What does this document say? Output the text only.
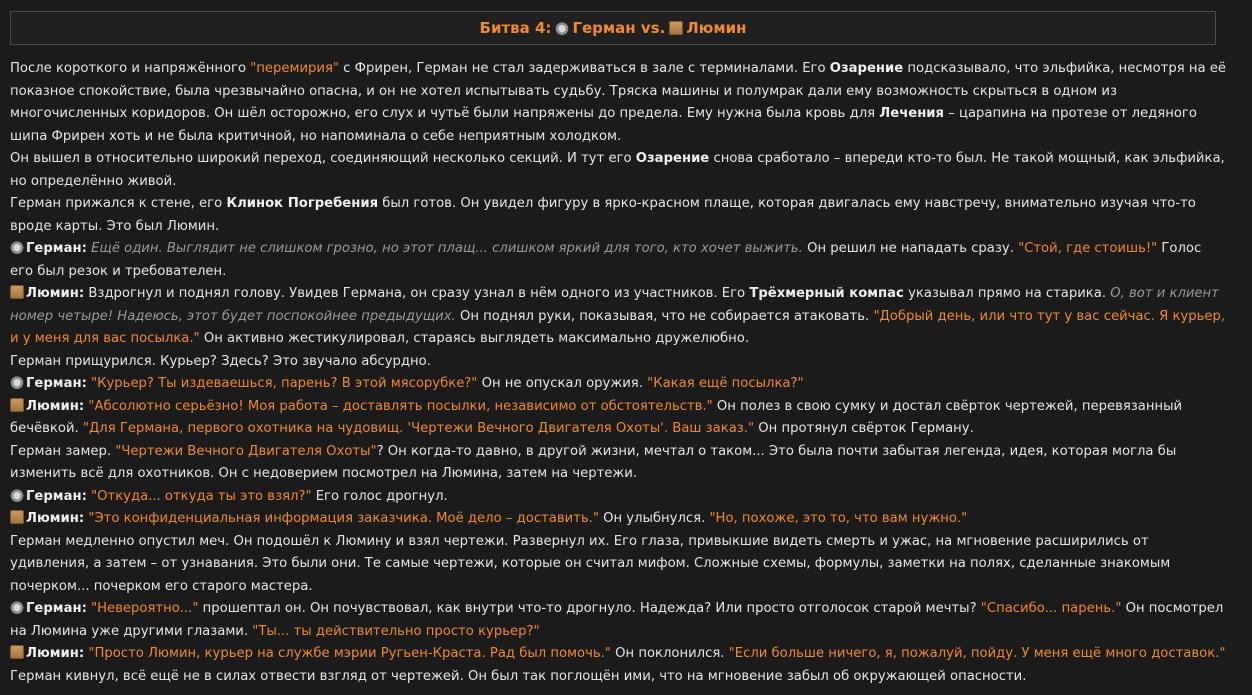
Битва 4: Герман vs. Люмин

После короткого и напряжённого "перемирия" с Фрирен, Герман не стал задерживаться в зале с терминалами. Его Озарение подсказывало, что эльфийка, несмотря на её показное спокойствие, была чрезвычайно опасна, и он не хотел испытывать судьбу. Тряска машины и полумрак дали ему возможность скрыться в одном из многочисленных коридоров. Он шёл осторожно, его слух и чутьё были напряжены до предела. Ему нужна была кровь для Лечения – царапина на протезе от ледяного шипа Фрирен хоть и не была критичной, но напоминала о себе неприятным холодком.

Он вышел в относительно широкий переход, соединяющий несколько секций. И тут его Озарение снова сработало – впереди кто-то был. Не такой мощный, как эльфийка, но определённо живой.

Герман прижался к стене, его Клинок Погребения был готов. Он увидел фигуру в ярко-красном плаще, которая двигалась ему навстречу, внимательно изучая что-то вроде карты. Это был Люмин.

Герман: Ещё один. Выглядит не слишком грозно, но этот плащ... слишком яркий для того, кто хочет выжить. Он решил не нападать сразу. "Стой, где стоишь!" Голос его был резок и требователен.

Люмин: Вздрогнул и поднял голову. Увидев Германа, он сразу узнал в нём одного из участников. Его Трёхмерный компас указывал прямо на старика. О, вот и клиент номер четыре! Надеюсь, этот будет поспокойнее предыдущих. Он поднял руки, показывая, что не собирается атаковать. "Добрый день, или что тут у вас сейчас. Я курьер, и у меня для вас посылка." Он активно жестикулировал, стараясь выглядеть максимально дружелюбно.

Герман прищурился. Курьер? Здесь? Это звучало абсурдно.

Герман: "Курьер? Ты издеваешься, парень? В этой мясорубке?" Он не опускал оружия. "Какая ещё посылка?"

Люмин: "Абсолютно серьёзно! Моя работа – доставлять посылки, независимо от обстоятельств." Он полез в свою сумку и достал свёрток чертежей, перевязанный бечёвкой. "Для Германа, первого охотника на чудовищ. 'Чертежи Вечного Двигателя Охоты'. Ваш заказ." Он протянул свёрток Герману.

Герман замер. "Чертежи Вечного Двигателя Охоты"? Он когда-то давно, в другой жизни, мечтал о таком... Это была почти забытая легенда, идея, которая могла бы изменить всё для охотников. Он с недоверием посмотрел на Люмина, затем на чертежи.

Герман: "Откуда... откуда ты это взял?" Его голос дрогнул.

Люмин: "Это конфиденциальная информация заказчика. Моё дело – доставить." Он улыбнулся. "Но, похоже, это то, что вам нужно."

Герман медленно опустил меч. Он подошёл к Люмину и взял чертежи. Развернул их. Его глаза, привыкшие видеть смерть и ужас, на мгновение расширились от удивления, а затем – от узнавания. Это были они. Те самые чертежи, которые он считал мифом. Сложные схемы, формулы, заметки на полях, сделанные знакомым почерком... почерком его старого мастера.

Герман: "Невероятно..." прошептал он. Он почувствовал, как внутри что-то дрогнуло. Надежда? Или просто отголосок старой мечты? "Спасибо... парень." Он посмотрел на Люмина уже другими глазами. "Ты... ты действительно просто курьер?"

Люмин: "Просто Люмин, курьер на службе мэрии Ругьен-Краста. Рад был помочь." Он поклонился. "Если больше ничего, я, пожалуй, пойду. У меня ещё много доставок."

Герман кивнул, всё ещё не в силах отвести взгляд от чертежей. Он был так поглощён ими, что на мгновение забыл об окружающей опасности.
